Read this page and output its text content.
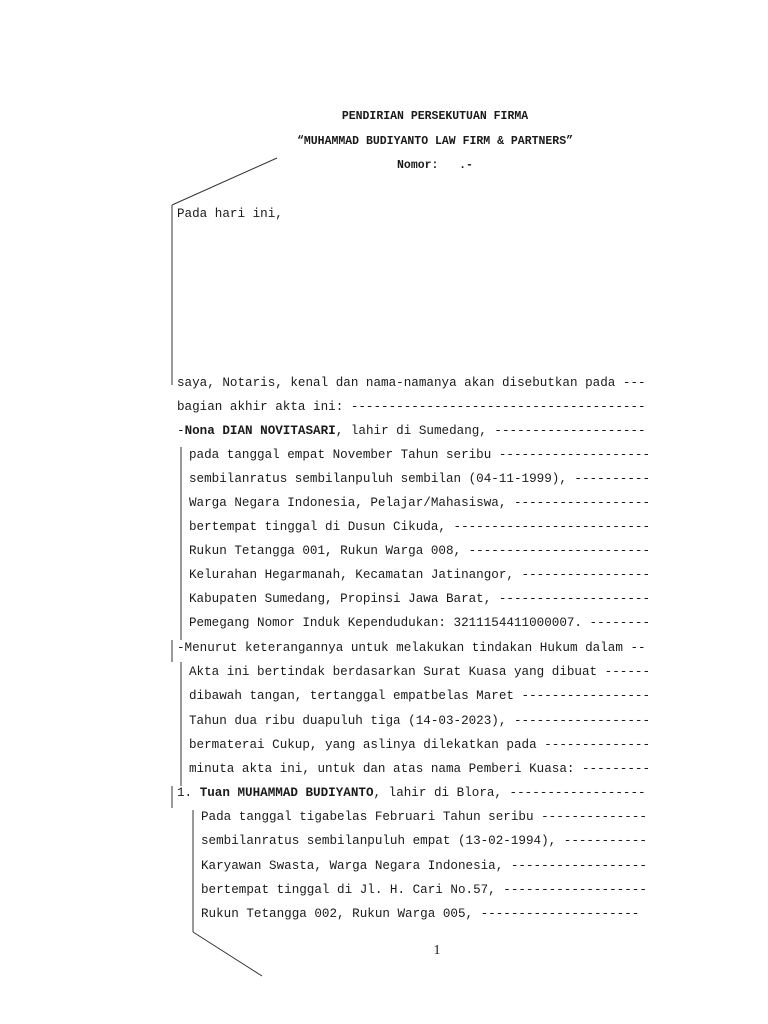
PENDIRIAN PERSEKUTUAN FIRMA
“MUHAMMAD BUDIYANTO LAW FIRM & PARTNERS”
Nomor:   .-
Pada hari ini,
saya, Notaris, kenal dan nama-namanya akan disebutkan pada ---
bagian akhir akta ini: ---------------------------------------
-Nona DIAN NOVITASARI, lahir di Sumedang, --------------------
pada tanggal empat November Tahun seribu --------------------
sembilanratus sembilanpuluh sembilan (04-11-1999), ----------
Warga Negara Indonesia, Pelajar/Mahasiswa, ------------------
bertempat tinggal di Dusun Cikuda, --------------------------
Rukun Tetangga 001, Rukun Warga 008, ------------------------
Kelurahan Hegarmanah, Kecamatan Jatinangor, -----------------
Kabupaten Sumedang, Propinsi Jawa Barat, --------------------
Pemegang Nomor Induk Kependudukan: 3211154411000007. --------
-Menurut keterangannya untuk melakukan tindakan Hukum dalam --
Akta ini bertindak berdasarkan Surat Kuasa yang dibuat ------
dibawah tangan, tertanggal empatbelas Maret -----------------
Tahun dua ribu duapuluh tiga (14-03-2023), ------------------
bermaterai Cukup, yang aslinya dilekatkan pada --------------
minuta akta ini, untuk dan atas nama Pemberi Kuasa: ---------
1. Tuan MUHAMMAD BUDIYANTO, lahir di Blora, ------------------
Pada tanggal tigabelas Februari Tahun seribu --------------
sembilanratus sembilanpuluh empat (13-02-1994), -----------
Karyawan Swasta, Warga Negara Indonesia, ------------------
bertempat tinggal di Jl. H. Cari No.57, -------------------
Rukun Tetangga 002, Rukun Warga 005, ---------------------
1
